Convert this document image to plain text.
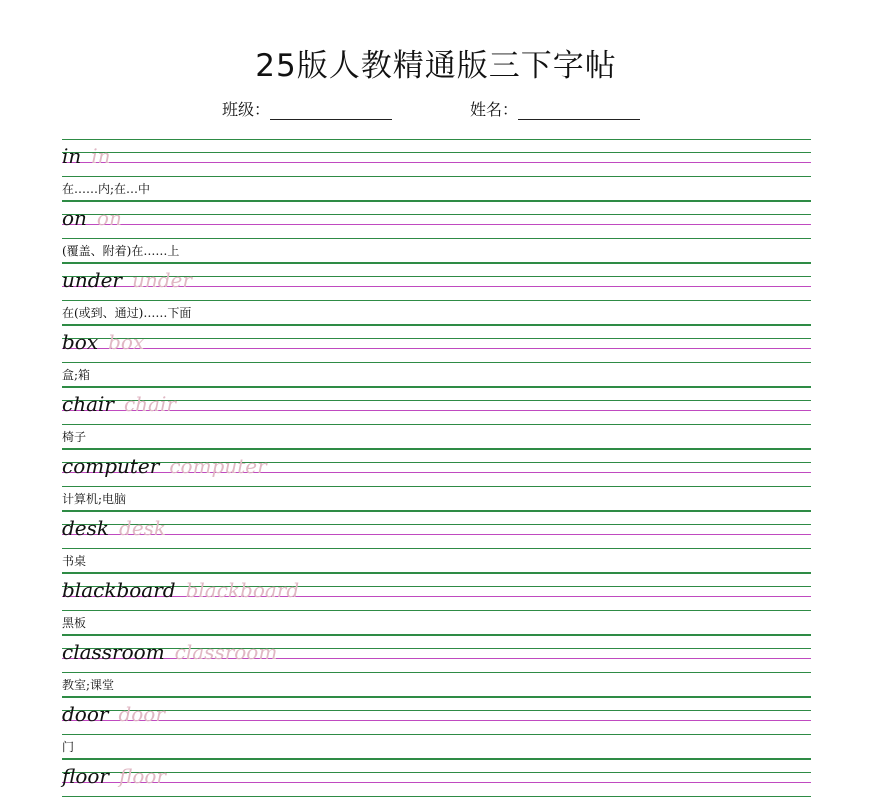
25版人教精通版三下字帖
班级：	姓名：
in in
在……内;在…中
on on
(覆盖、附着)在……上
under under
在(或到、通过)……下面
box box
盒;箱
chair chair
椅子
computer computer
计算机;电脑
desk desk
书桌
blackboard blackboard
黑板
classroom classroom
教室;课堂
door door
门
floor floor
